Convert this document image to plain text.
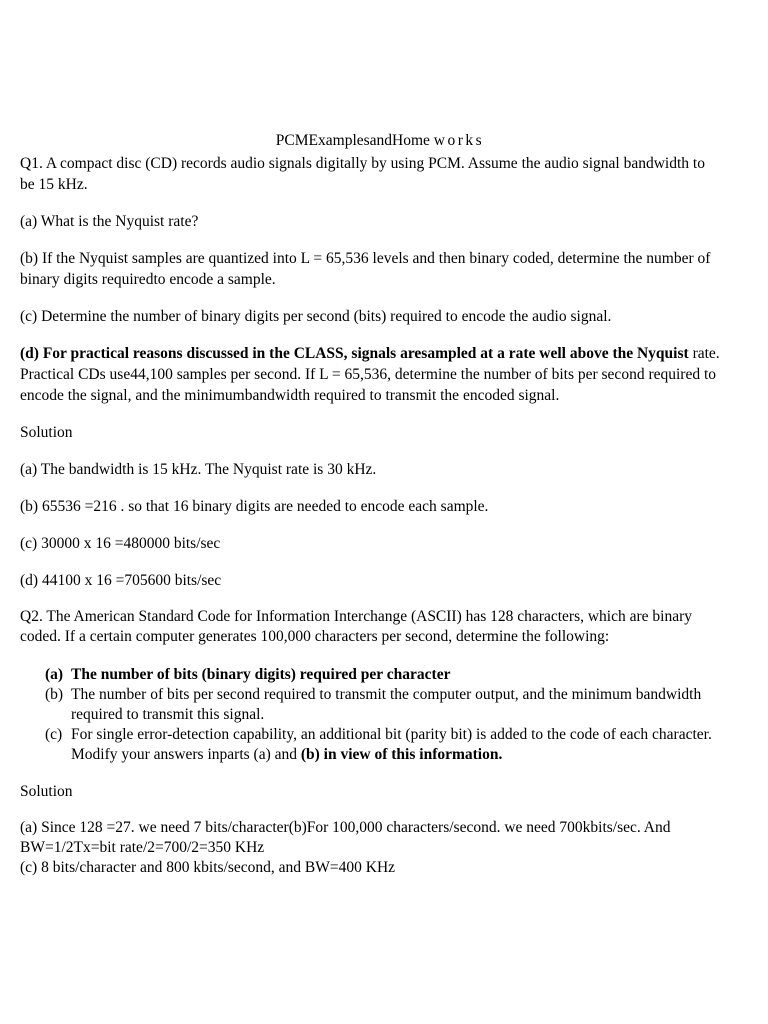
PCMExamplesandHome works

Q1. A compact disc (CD) records audio signals digitally by using PCM. Assume the audio signal bandwidth to be 15 kHz.

(a) What is the Nyquist rate?

(b) If the Nyquist samples are quantized into L = 65,536 levels and then binary coded, determine the number of binary digits requiredto encode a sample.

(c) Determine the number of binary digits per second (bits) required to encode the audio signal.

(d) For practical reasons discussed in the CLASS, signals aresampled at a rate well above the Nyquist rate. Practical CDs use44,100 samples per second. If L = 65,536, determine the number of bits per second required to encode the signal, and the minimumbandwidth required to transmit the encoded signal.

Solution

(a) The bandwidth is 15 kHz. The Nyquist rate is 30 kHz.

(b) 65536 =216 . so that 16 binary digits are needed to encode each sample.

(c) 30000 x 16 =480000 bits/sec

(d) 44100 x 16 =705600 bits/sec

Q2. The American Standard Code for Information Interchange (ASCII) has 128 characters, which are binary coded. If a certain computer generates 100,000 characters per second, determine the following:

(a) The number of bits (binary digits) required per character
(b) The number of bits per second required to transmit the computer output, and the minimum bandwidth required to transmit this signal.
(c) For single error-detection capability, an additional bit (parity bit) is added to the code of each character. Modify your answers inparts (a) and (b) in view of this information.

Solution

(a) Since 128 =27. we need 7 bits/character(b)For 100,000 characters/second. we need 700kbits/sec. And BW=1/2Tx=bit rate/2=700/2=350 KHz

(c) 8 bits/character and 800 kbits/second, and BW=400 KHz
